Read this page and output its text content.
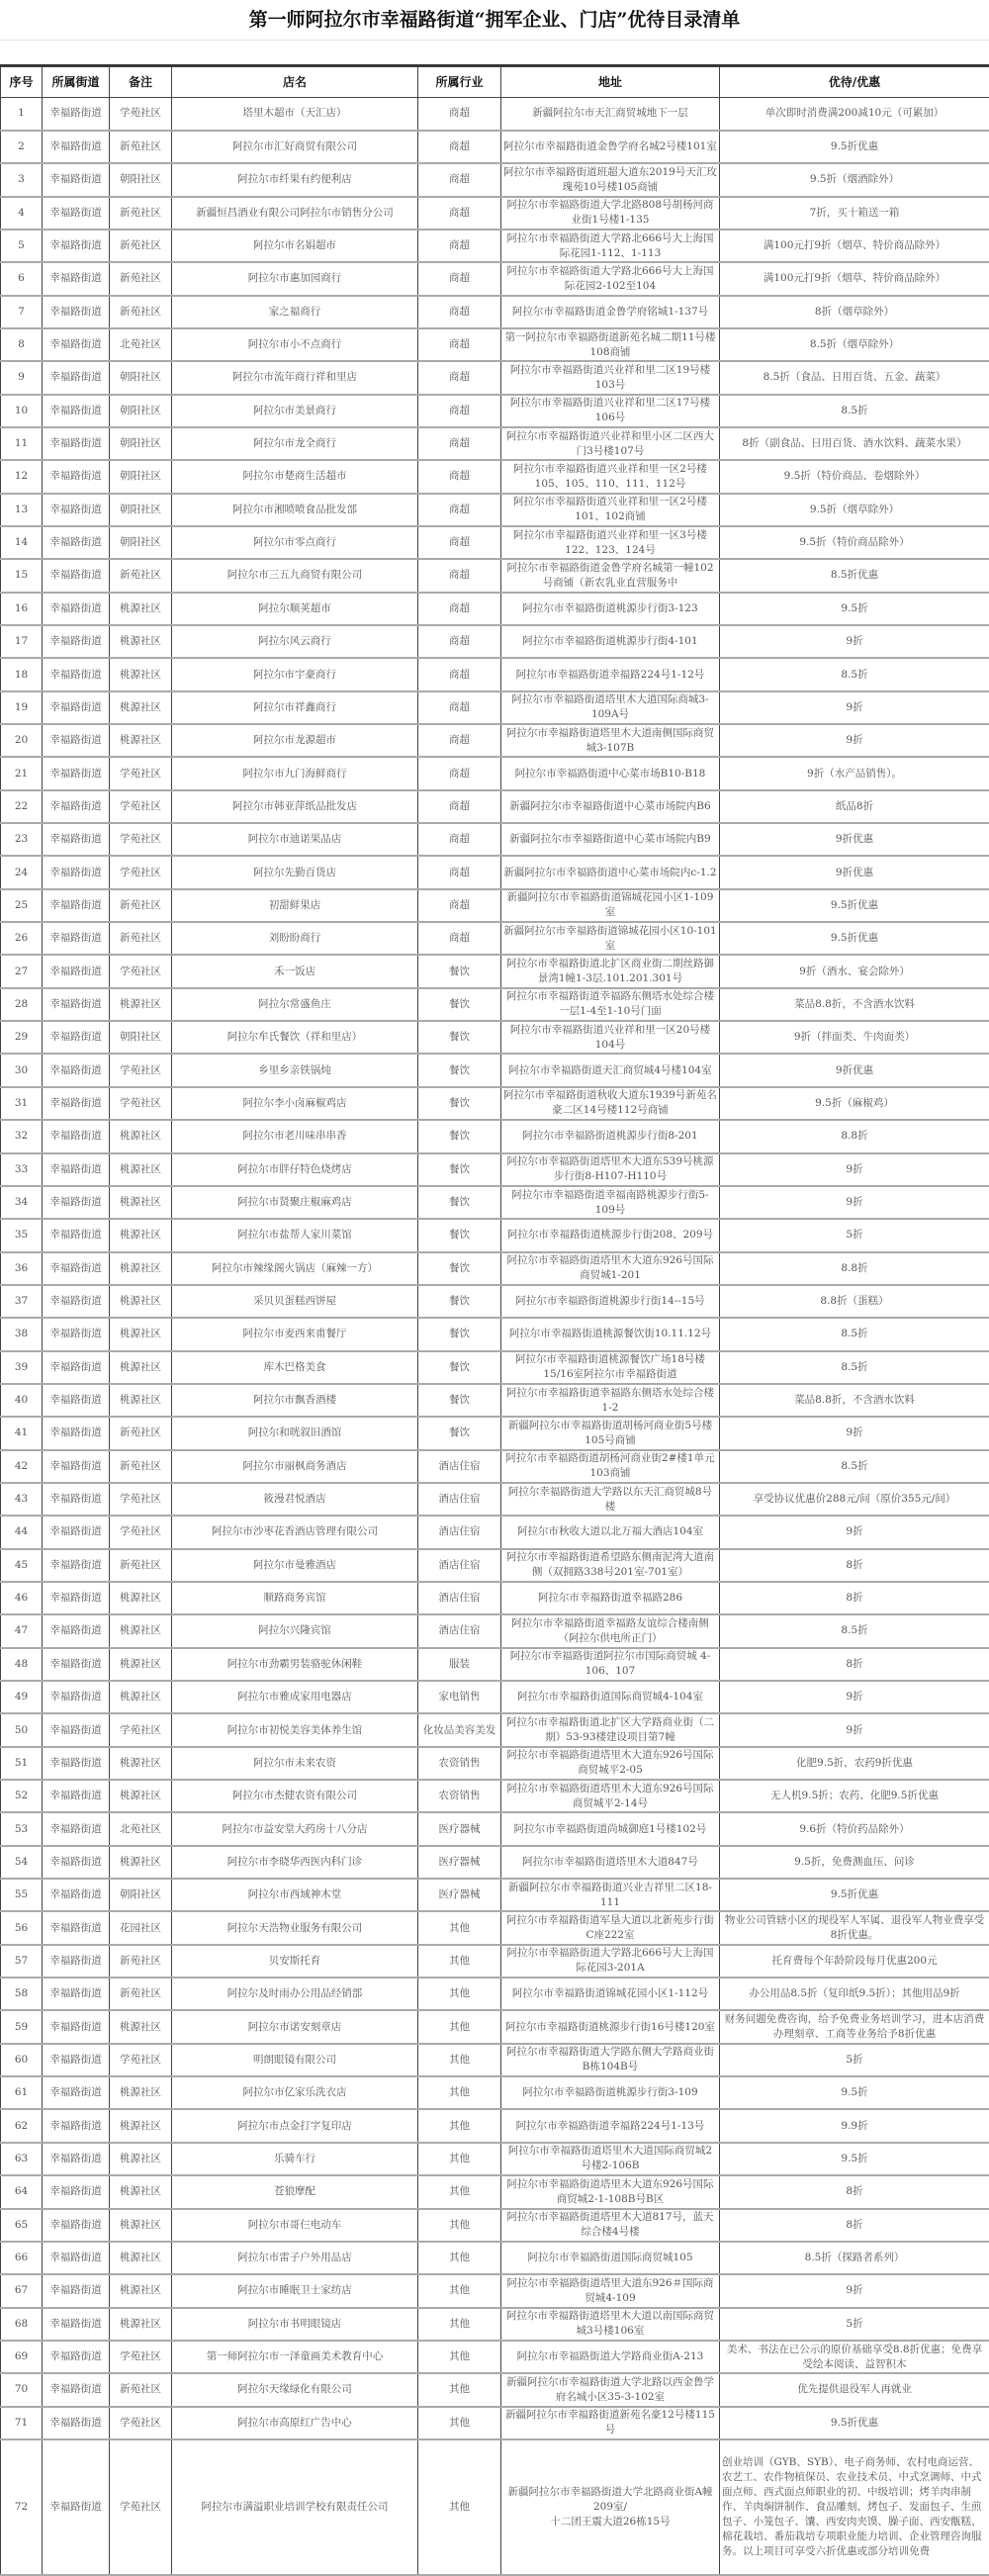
第一师阿拉尔市幸福路街道“拥军企业、门店”优待目录清单
序号	所属街道	备注	店名	所属行业	地址	优待/优惠

1	幸福路街道	学苑社区	塔里木超市（天汇店）	商超	新疆阿拉尔市天汇商贸城地下一层	单次即时消费满200减10元（可累加）

2	幸福路街道	新苑社区	阿拉尔市汇好商贸有限公司	商超	阿拉尔市幸福路街道金鲁学府名城2号楼101室	9.5折优惠

3	幸福路街道	朝阳社区	阿拉尔市纤果有约便利店	商超	阿拉尔市幸福路街道班超大道东2019号天汇玫瑰苑10号楼105商铺	9.5折（烟酒除外）

4	幸福路街道	新苑社区	新疆恒昌酒业有限公司阿拉尔市销售分公司	商超	阿拉尔市幸福路街道大学北路808号胡杨河商业街1号楼1-135	7折，买十箱送一箱

5	幸福路街道	新苑社区	阿拉尔市名娟超市	商超	阿拉尔市幸福路街道大学路北666号大上海国际花园1-112、1-113	满100元打9折（烟草、特价商品除外）

6	幸福路街道	新苑社区	阿拉尔市惠加园商行	商超	阿拉尔市幸福路街道大学路北666号大上海国际花园2-102至104	满100元打9折（烟草、特价商品除外）

7	幸福路街道	新苑社区	家之福商行	商超	阿拉尔市幸福路街道金鲁学府铭城1-137号	8折（烟草除外）

8	幸福路街道	北苑社区	阿拉尔市小不点商行	商超	第一阿拉尔市幸福路街道新苑名城二期11号楼108商铺	8.5折（烟草除外）

9	幸福路街道	朝阳社区	阿拉尔市流年商行祥和里店	商超	阿拉尔市幸福路街道兴业祥和里二区19号楼103号	8.5折（食品、日用百货、五金、蔬菜）

10	幸福路街道	朝阳社区	阿拉尔市美景商行	商超	阿拉尔市幸福路街道兴业祥和里二区17号楼106号	8.5折

11	幸福路街道	朝阳社区	阿拉尔市龙全商行	商超	阿拉尔市幸福路街道兴业祥和里小区二区西大门3号楼107号	8折（副食品、日用百货、酒水饮料、蔬菜水果）

12	幸福路街道	朝阳社区	阿拉尔市楚商生活超市	商超	阿拉尔市幸福路街道兴业祥和里一区2号楼105、105、110、111、112号	9.5折（特价商品、卷烟除外）

13	幸福路街道	朝阳社区	阿拉尔市湘喷喷食品批发部	商超	阿拉尔市幸福路街道兴业祥和里一区2号楼101、102商铺	9.5折（烟草除外）

14	幸福路街道	朝阳社区	阿拉尔市零点商行	商超	阿拉尔市幸福路街道兴业祥和里一区3号楼122、123、124号	9.5折（特价商品除外）

15	幸福路街道	新苑社区	阿拉尔市三五九商贸有限公司	商超	阿拉尔市幸福路街道金鲁学府名城第一幢102号商铺（新农乳业直营服务中	8.5折优惠

16	幸福路街道	桃源社区	阿拉尔顺荚超市	商超	阿拉尔市幸福路街道桃源步行街3-123	9.5折

17	幸福路街道	桃源社区	阿拉尔风云商行	商超	阿拉尔市幸福路街道桃源步行街4-101	9折

18	幸福路街道	桃源社区	阿拉尔市宇豪商行	商超	阿拉尔市幸福路街道幸福路224号1-12号	8.5折

19	幸福路街道	桃源社区	阿拉尔市祥鑫商行	商超	阿拉尔市幸福路街道塔里木大道国际商城3-109A号	9折

20	幸福路街道	桃源社区	阿拉尔市龙源超市	商超	阿拉尔市幸福路街道塔里木大道南侧国际商贸城3-107B	9折

21	幸福路街道	学苑社区	阿拉尔市九门海鲜商行	商超	阿拉尔市幸福路街道中心菜市场B10-B18	9折（水产品销售）。

22	幸福路街道	学苑社区	阿拉尔市韩亚萍纸品批发店	商超	新疆阿拉尔市幸福路街道中心菜市场院内B6	纸品8折

23	幸福路街道	学苑社区	阿拉尔市迪诺果品店	商超	新疆阿拉尔市幸福路街道中心菜市场院内B9	9折优惠

24	幸福路街道	学苑社区	阿拉尔先勤百货店	商超	新疆阿拉尔市幸福路街道中心菜市场院内c-1.2	9折优惠

25	幸福路街道	新苑社区	初甜鲜果店	商超	新疆阿拉尔市幸福路街道锦城花园小区1-109室	9.5折优惠

26	幸福路街道	新苑社区	刘盼盼商行	商超	新疆阿拉尔市幸福路街道锦城花园小区10-101室	9.5折优惠

27	幸福路街道	学苑社区	禾一饭店	餐饮	阿拉尔市幸福路街道北扩区商业街二期丝路御景湾1幢1-3层.101.201.301号	9折（酒水、宴会除外）

28	幸福路街道	桃源社区	阿拉尔常盛鱼庄	餐饮	阿拉尔市幸福路街道幸福路东侧塔水处综合楼一层1-4至1-10号门面	菜品8.8折，不含酒水饮料

29	幸福路街道	朝阳社区	阿拉尔牟氏餐饮（祥和里店）	餐饮	阿拉尔市幸福路街道兴业祥和里一区20号楼104号	9折（拌面类、牛肉面类）

30	幸福路街道	学苑社区	乡里乡亲铁锅炖	餐饮	阿拉尔市幸福路街道天汇商贸城4号楼104室	9折优惠

31	幸福路街道	学苑社区	阿拉尔李小卤麻椒鸡店	餐饮	阿拉尔市幸福路街道秋收大道东1939号新苑名豪二区14号楼112号商铺	9.5折（麻椒鸡）

32	幸福路街道	桃源社区	阿拉尔市老川味串串香	餐饮	阿拉尔市幸福路街道桃源步行街8-201	8.8折

33	幸福路街道	桃源社区	阿拉尔市胖仔特色烧烤店	餐饮	阿拉尔市幸福路街道塔里木大道东539号桃源步行街8-H107-H110号	9折

34	幸福路街道	桃源社区	阿拉尔市贤聚庄椒麻鸡店	餐饮	阿拉尔市幸福路街道幸福南路桃源步行街5-109号	9折

35	幸福路街道	桃源社区	阿拉尔市盐帮人家川菜馆	餐饮	阿拉尔市幸福路街道桃源步行街208、209号	5折

36	幸福路街道	桃源社区	阿拉尔市辣缘阁火锅店（麻辣一方）	餐饮	阿拉尔市幸福路街道塔里木大道东926号国际商贸城1-201	8.8折

37	幸福路街道	桃源社区	采贝贝蛋糕西饼屋	餐饮	阿拉尔市幸福路街道桃源步行街14--15号	8.8折（蛋糕）

38	幸福路街道	桃源社区	阿拉尔市麦西来甫餐厅	餐饮	阿拉尔市幸福路街道桃源餐饮街10.11.12号	8.5折

39	幸福路街道	桃源社区	库木巴格美食	餐饮	阿拉尔市幸福路街道桃源餐饮广场18号楼15/16室阿拉尔市幸福路街道	8.5折

40	幸福路街道	桃源社区	阿拉尔市飘香酒楼	餐饮	阿拉尔市幸福路街道幸福路东侧塔水处综合楼1-2	菜品8.8折，不含酒水饮料

41	幸福路街道	新苑社区	阿拉尔和咣叙旧酒馆	餐饮	新疆阿拉尔市幸福路街道胡杨河商业街5号楼105号商铺	9折

42	幸福路街道	新苑社区	阿拉尔市丽枫商务酒店	酒店住宿	阿拉尔市幸福路街道胡杨河商业街2#楼1单元103商铺	8.5折

43	幸福路街道	学苑社区	筱漫君悦酒店	酒店住宿	阿拉尔幸福路街道大学路以东天汇商贸城8号楼	享受协议优惠价288元/间（原价355元/间）

44	幸福路街道	学苑社区	阿拉尔市沙枣花香酒店管理有限公司	酒店住宿	阿拉尔市秋收大道以北万福大酒店104室	9折

45	幸福路街道	新苑社区	阿拉尔市曼雅酒店	酒店住宿	阿拉尔市幸福路街道希望路东侧南泥湾大道南侧（双拥路338号201室-701室）	8折

46	幸福路街道	桃源社区	顺路商务宾馆	酒店住宿	阿拉尔市幸福路街道幸福路286	8折

47	幸福路街道	桃源社区	阿拉尔兴隆宾馆	酒店住宿	阿拉尔市幸福路街道幸福路友谊综合楼南侧（阿拉尔供电所正门）	8.5折

48	幸福路街道	桃源社区	阿拉尔市劲霸男装骆驼休闲鞋	服装	阿拉尔市幸福路街道阿拉尔市国际商贸城 4-106、107	8折

49	幸福路街道	桃源社区	阿拉尔市雅成家用电器店	家电销售	阿拉尔市幸福路街道国际商贸城4-104室	9折

50	幸福路街道	学苑社区	阿拉尔市初悦美容美体养生馆	化妆品美容美发	阿拉尔市幸福路街道北扩区大学路商业街（二期）53-93楼建设项目第7幢	9折

51	幸福路街道	桃源社区	阿拉尔市未来农资	农资销售	阿拉尔市幸福路街道塔里木大道东926号国际商贸城平2-05	化肥9.5折，农药9折优惠

52	幸福路街道	桃源社区	阿拉尔市杰健农资有限公司	农资销售	阿拉尔市幸福路街道塔里木大道东926号国际商贸城平2-14号	无人机9.5折；农药、化肥9.5折优惠

53	幸福路街道	北苑社区	阿拉尔市益安堂大药房十八分店	医疗器械	阿拉尔市幸福路街道尚城御庭1号楼102号	9.6折（特价药品除外）

54	幸福路街道	桃源社区	阿拉尔市李晓华西医内科门诊	医疗器械	阿拉尔市幸福路街道塔里木大道847号	9.5折，免费测血压、问诊

55	幸福路街道	朝阳社区	阿拉尔市西域神木堂	医疗器械	新疆阿拉尔市幸福路街道兴业吉祥里二区18-111	9.5折优惠

56	幸福路街道	花园社区	阿拉尔天浩物业服务有限公司	其他	阿拉尔市幸福路街道军垦大道以北新苑步行街C座222室	物业公司管辖小区的现役军人军属、退役军人物业费享受8折优惠。

57	幸福路街道	新苑社区	贝安斯托育	其他	阿拉尔市幸福路街道大学路北666号大上海国际花园3-201A	托育费每个年龄阶段每月优惠200元

58	幸福路街道	新苑社区	阿拉尔及时雨办公用品经销部	其他	阿拉尔市幸福路街道锦城花园小区1-112号	办公用品8.5折（复印纸9.5折）；其他用品9折

59	幸福路街道	桃源社区	阿拉尔市诺安刻章店	其他	阿拉尔市幸福路街道桃源步行街16号楼120室	财务问题免费咨询，给予免费业务培训学习，进本店消费办理刻章、工商等业务给予8折优惠

60	幸福路街道	学苑社区	明朗眼镜有限公司	其他	阿拉尔市幸福路街道大学路东侧大学路商业街B栋104B号	5折

61	幸福路街道	桃源社区	阿拉尔市亿家乐洗衣店	其他	阿拉尔市幸福路街道桃源步行街3-109	9.5折

62	幸福路街道	桃源社区	阿拉尔市点金打字复印店	其他	阿拉尔市幸福路街道幸福路224号1-13号	9.9折

63	幸福路街道	桃源社区	乐骑车行	其他	阿拉尔市幸福路街道塔里木大道国际商贸城2号楼2-106B	9.5折

64	幸福路街道	桃源社区	苍狼摩配	其他	阿拉尔市幸福路街道塔里木大道东926号国际商贸城2-1-108B号B区	8折

65	幸福路街道	桃源社区	阿拉尔市哥仨电动车	其他	阿拉尔市幸福路街道塔里木大道817号，蓝天综合楼4号楼	8折

66	幸福路街道	桃源社区	阿拉尔市雷子户外用品店	其他	阿拉尔市幸福路街道国际商贸城105	8.5折（探路者系列）

67	幸福路街道	桃源社区	阿拉尔市睡眠卫士家纺店	其他	阿拉尔市幸福路街道塔里大道东926＃国际商贸城4-109	9折

68	幸福路街道	桃源社区	阿拉尔市书明眼镜店	其他	阿拉尔市幸福路街道塔里木大道以南国际商贸城3号楼106室	5折

69	幸福路街道	学苑社区	第一师阿拉尔市一泽童画美术教育中心	其他	阿拉尔市幸福路街道大学路商业街A-213	美术、书法在已公示的原价基础享受8.8折优惠；免费享受绘本阅读、益智积木

70	幸福路街道	新苑社区	阿拉尔天缘绿化有限公司	其他	新疆阿拉尔市幸福路街道大学北路以西金鲁学府名城小区35-3-102室	优先提供退役军人再就业

71	幸福路街道	学苑社区	阿拉尔市高原红广告中心	其他	新疆阿拉尔市幸福路街道新苑名豪12号楼115号	9.5折优惠

72	幸福路街道	学苑社区	阿拉尔市满溢职业培训学校有限责任公司	其他	新疆阿拉尔市幸福路街道大学北路商业街A幢209室/
十二团王震大道26栋15号	创业培训（GYB、SYB）、电子商务师、农村电商运营、农艺工、农作物植保员、农业技术员、中式烹调师、中式面点师、西式面点师职业的初、中级培训；烤羊肉串制作、羊肉焖饼制作、食品雕刻、烤包子、发面包子、生煎包子、小笼包子、馕、西安肉夹馍、臊子面、西安甑糕、棉花栽培、番茄栽培专项职业能力培训、企业管理咨询服务。以上项目可享受六折优惠或部分培训免费
